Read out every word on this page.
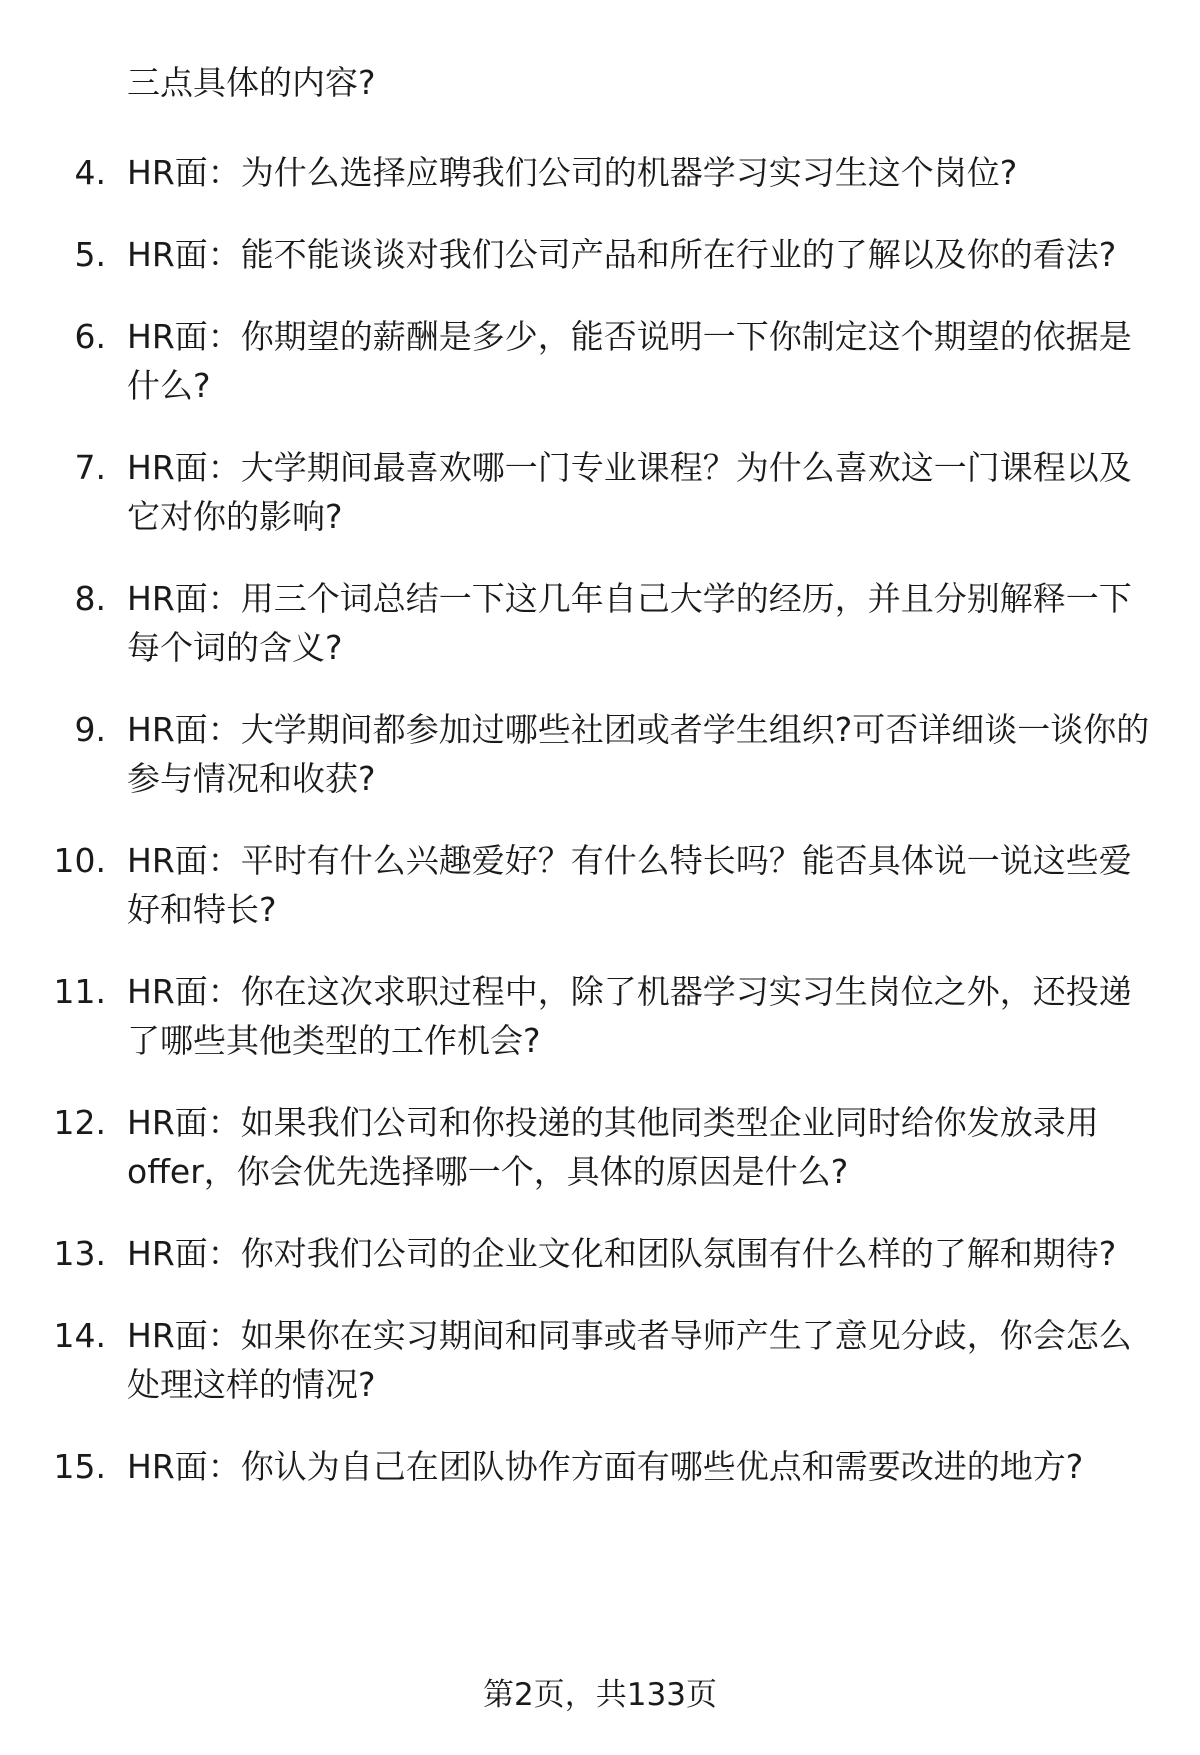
三点具体的内容?
4. HR面：为什么选择应聘我们公司的机器学习实习生这个岗位?
5. HR面：能不能谈谈对我们公司产品和所在行业的了解以及你的看法?
6. HR面：你期望的薪酬是多少，能否说明一下你制定这个期望的依据是什么?
7. HR面：大学期间最喜欢哪一门专业课程？为什么喜欢这一门课程以及它对你的影响?
8. HR面：用三个词总结一下这几年自己大学的经历，并且分别解释一下每个词的含义?
9. HR面：大学期间都参加过哪些社团或者学生组织?可否详细谈一谈你的参与情况和收获?
10. HR面：平时有什么兴趣爱好？有什么特长吗？能否具体说一说这些爱好和特长?
11. HR面：你在这次求职过程中，除了机器学习实习生岗位之外，还投递了哪些其他类型的工作机会?
12. HR面：如果我们公司和你投递的其他同类型企业同时给你发放录用offer，你会优先选择哪一个，具体的原因是什么?
13. HR面：你对我们公司的企业文化和团队氛围有什么样的了解和期待?
14. HR面：如果你在实习期间和同事或者导师产生了意见分歧，你会怎么处理这样的情况?
15. HR面：你认为自己在团队协作方面有哪些优点和需要改进的地方?
第2页，共133页
